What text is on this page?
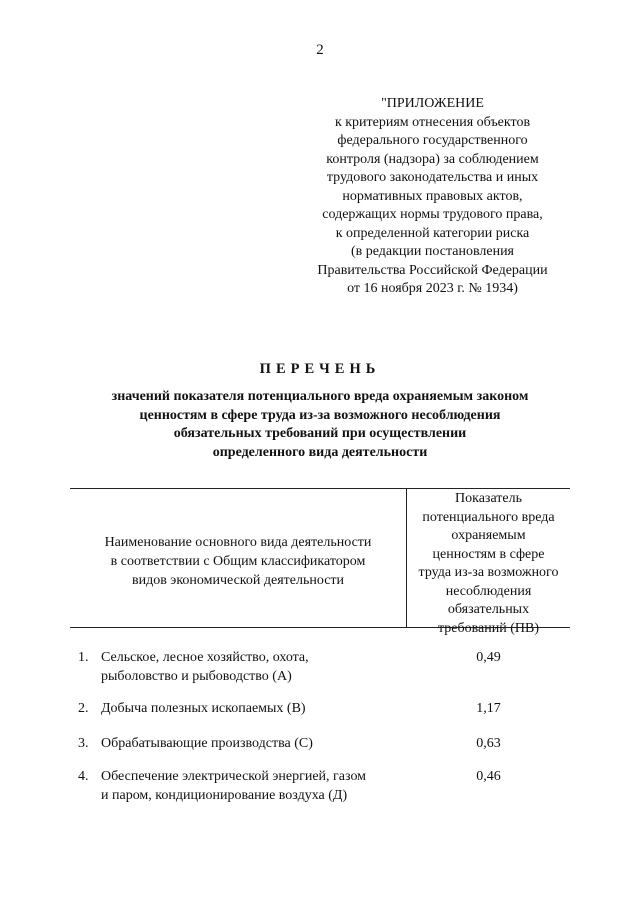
2
"ПРИЛОЖЕНИЕ
к критериям отнесения объектов
федерального государственного
контроля (надзора) за соблюдением
трудового законодательства и иных
нормативных правовых актов,
содержащих нормы трудового права,
к определенной категории риска
(в редакции постановления
Правительства Российской Федерации
от 16 ноября 2023 г. № 1934)
ПЕРЕЧЕНЬ
значений показателя потенциального вреда охраняемым законом
ценностям в сфере труда из-за возможного несоблюдения
обязательных требований при осуществлении
определенного вида деятельности
Наименование основного вида деятельности
в соответствии с Общим классификатором
видов экономической деятельности
Показатель
потенциального вреда
охраняемым
ценностям в сфере
труда из-за возможного
несоблюдения
обязательных
требований (ПВ)
1. Сельское, лесное хозяйство, охота,
рыболовство и рыбоводство (А)
0,49
2. Добыча полезных ископаемых (В)	1,17
3. Обрабатывающие производства (С)	0,63
4. Обеспечение электрической энергией, газом
и паром, кондиционирование воздуха (Д)
0,46
